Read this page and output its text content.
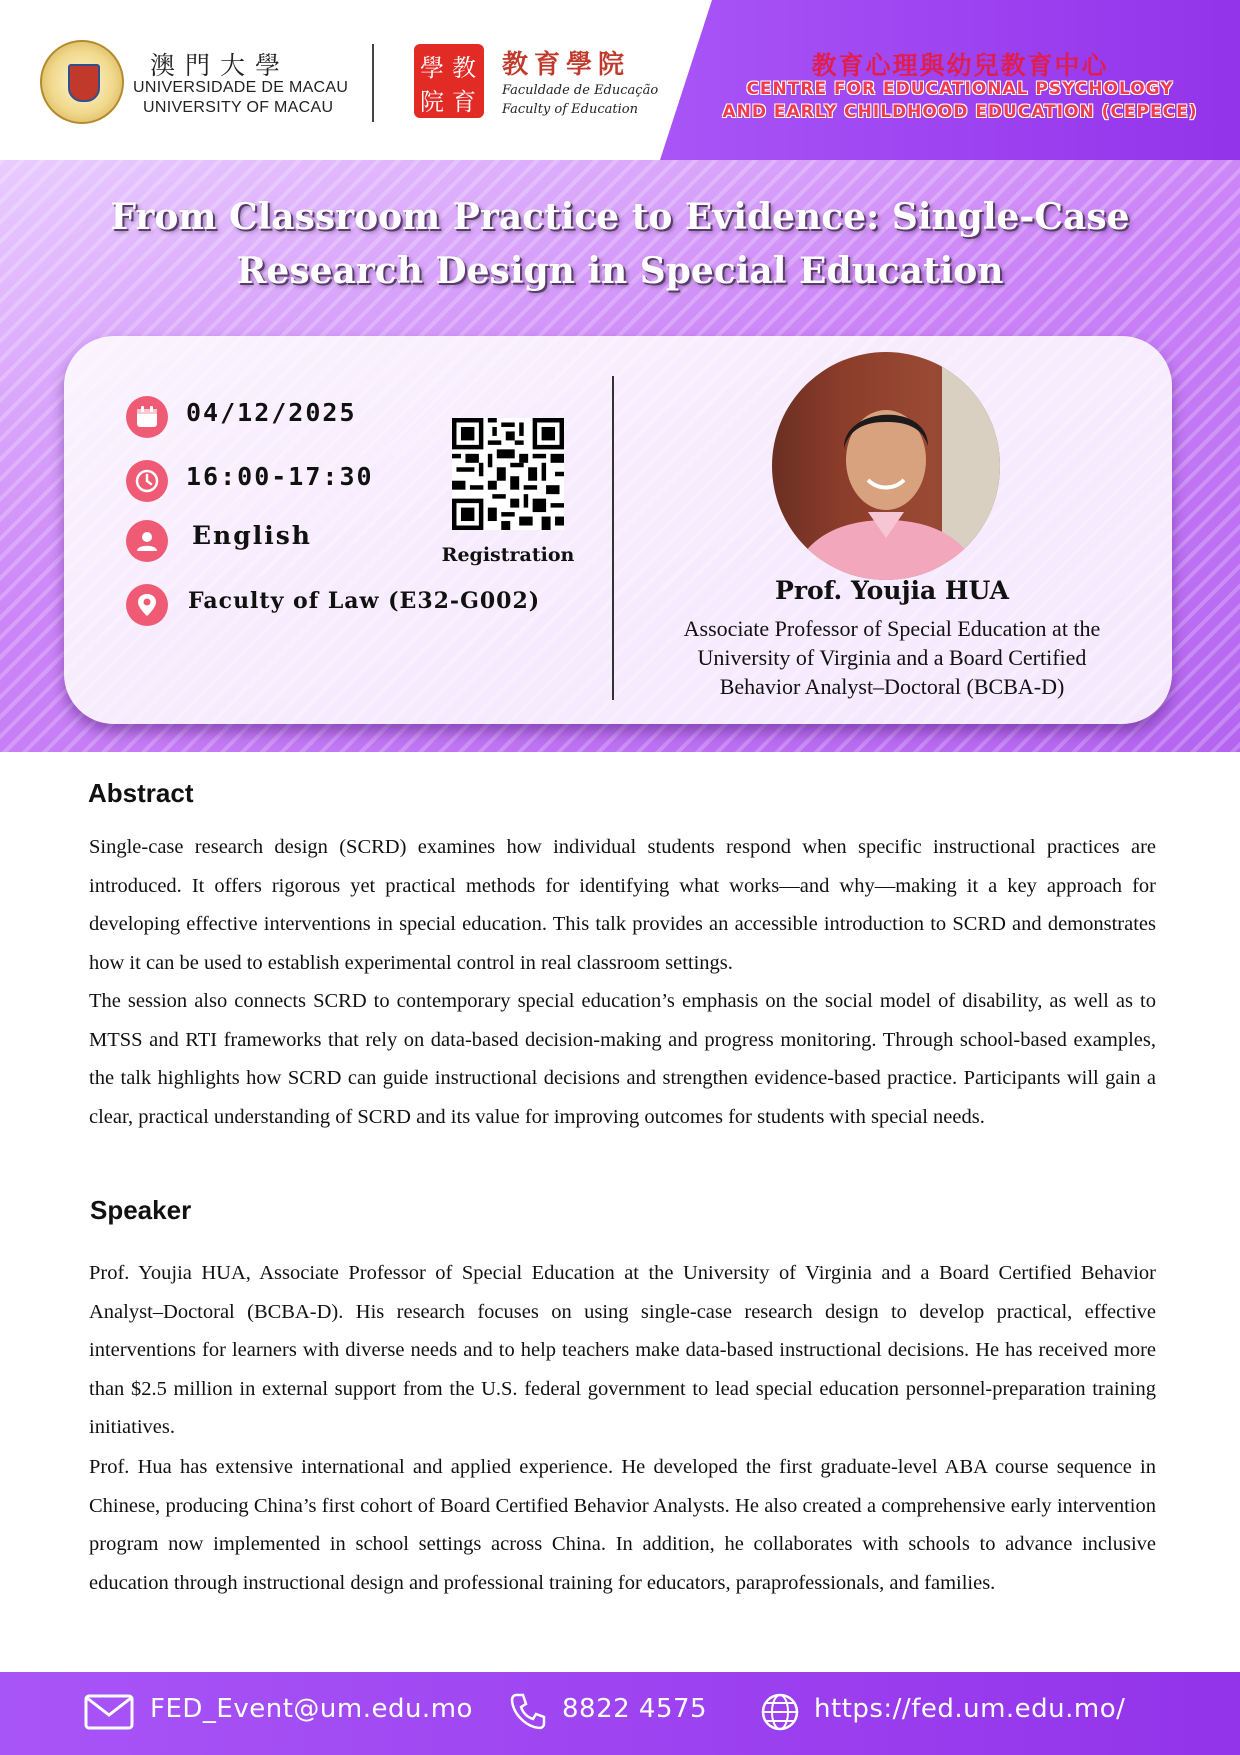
澳門大學
UNIVERSIDADE DE MACAU
UNIVERSITY OF MACAU
學 教
院 育
教育學院
Faculdade de Educação
Faculty of Education
教育心理與幼兒教育中心
CENTRE FOR EDUCATIONAL PSYCHOLOGY
AND EARLY CHILDHOOD EDUCATION (CEPECE)
From Classroom Practice to Evidence: Single-Case
Research Design in Special Education
04/12/2025
16:00-17:30
English
Faculty of Law (E32-G002)
Registration
Prof. Youjia HUA
Associate Professor of Special Education at the
University of Virginia and a Board Certified
Behavior Analyst–Doctoral (BCBA-D)
Abstract

Single-case research design (SCRD) examines how individual students respond when specific instructional practices are introduced. It offers rigorous yet practical methods for identifying what works—and why—making it a key approach for developing effective interventions in special education. This talk provides an accessible introduction to SCRD and demonstrates how it can be used to establish experimental control in real classroom settings.

The session also connects SCRD to contemporary special education’s emphasis on the social model of disability, as well as to MTSS and RTI frameworks that rely on data-based decision-making and progress monitoring. Through school-based examples, the talk highlights how SCRD can guide instructional decisions and strengthen evidence-based practice. Participants will gain a clear, practical understanding of SCRD and its value for improving outcomes for students with special needs.

Speaker

Prof. Youjia HUA, Associate Professor of Special Education at the University of Virginia and a Board Certified Behavior Analyst–Doctoral (BCBA-D). His research focuses on using single-case research design to develop practical, effective interventions for learners with diverse needs and to help teachers make data-based instructional decisions. He has received more than $2.5 million in external support from the U.S. federal government to lead special education personnel-preparation training initiatives.

Prof. Hua has extensive international and applied experience. He developed the first graduate-level ABA course sequence in Chinese, producing China’s first cohort of Board Certified Behavior Analysts. He also created a comprehensive early intervention program now implemented in school settings across China. In addition, he collaborates with schools to advance inclusive education through instructional design and professional training for educators, paraprofessionals, and families.

FED_Event@um.edu.mo	8822 4575	https://fed.um.edu.mo/
